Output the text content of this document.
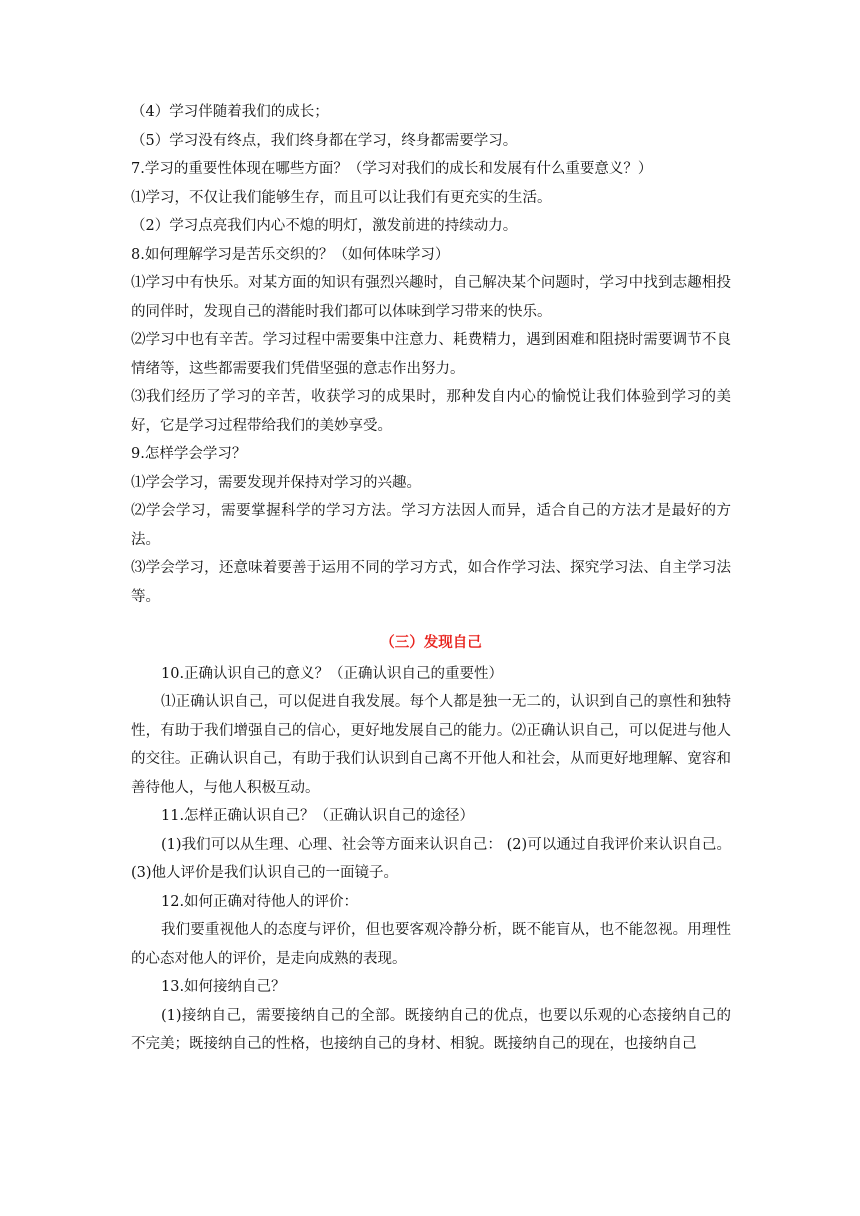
（4）学习伴随着我们的成长；

（5）学习没有终点，我们终身都在学习，终身都需要学习。

7.学习的重要性体现在哪些方面？（学习对我们的成长和发展有什么重要意义？）

⑴学习，不仅让我们能够生存，而且可以让我们有更充实的生活。

（2）学习点亮我们内心不熄的明灯，激发前进的持续动力。

8.如何理解学习是苦乐交织的？（如何体味学习）

⑴学习中有快乐。对某方面的知识有强烈兴趣时，自己解决某个问题时，学习中找到志趣相投的同伴时，发现自己的潜能时我们都可以体味到学习带来的快乐。

⑵学习中也有辛苦。学习过程中需要集中注意力、耗费精力，遇到困难和阻挠时需要调节不良情绪等，这些都需要我们凭借坚强的意志作出努力。

⑶我们经历了学习的辛苦，收获学习的成果时，那种发自内心的愉悦让我们体验到学习的美好，它是学习过程带给我们的美妙享受。

9.怎样学会学习？

⑴学会学习，需要发现并保持对学习的兴趣。

⑵学会学习，需要掌握科学的学习方法。学习方法因人而异，适合自己的方法才是最好的方法。

⑶学会学习，还意味着要善于运用不同的学习方式，如合作学习法、探究学习法、自主学习法等。

（三）发现自己

10.正确认识自己的意义？（正确认识自己的重要性）

⑴正确认识自己，可以促进自我发展。每个人都是独一无二的，认识到自己的禀性和独特性，有助于我们增强自己的信心，更好地发展自己的能力。⑵正确认识自己，可以促进与他人的交往。正确认识自己，有助于我们认识到自己离不开他人和社会，从而更好地理解、宽容和善待他人，与他人积极互动。

11.怎样正确认识自己？（正确认识自己的途径）

(1)我们可以从生理、心理、社会等方面来认识自己： (2)可以通过自我评价来认识自己。(3)他人评价是我们认识自己的一面镜子。

12.如何正确对待他人的评价：

我们要重视他人的态度与评价，但也要客观冷静分析，既不能盲从，也不能忽视。用理性的心态对他人的评价，是走向成熟的表现。

13.如何接纳自己？

(1)接纳自己，需要接纳自己的全部。既接纳自己的优点，也要以乐观的心态接纳自己的不完美；既接纳自己的性格，也接纳自己的身材、相貌。既接纳自己的现在，也接纳自己
